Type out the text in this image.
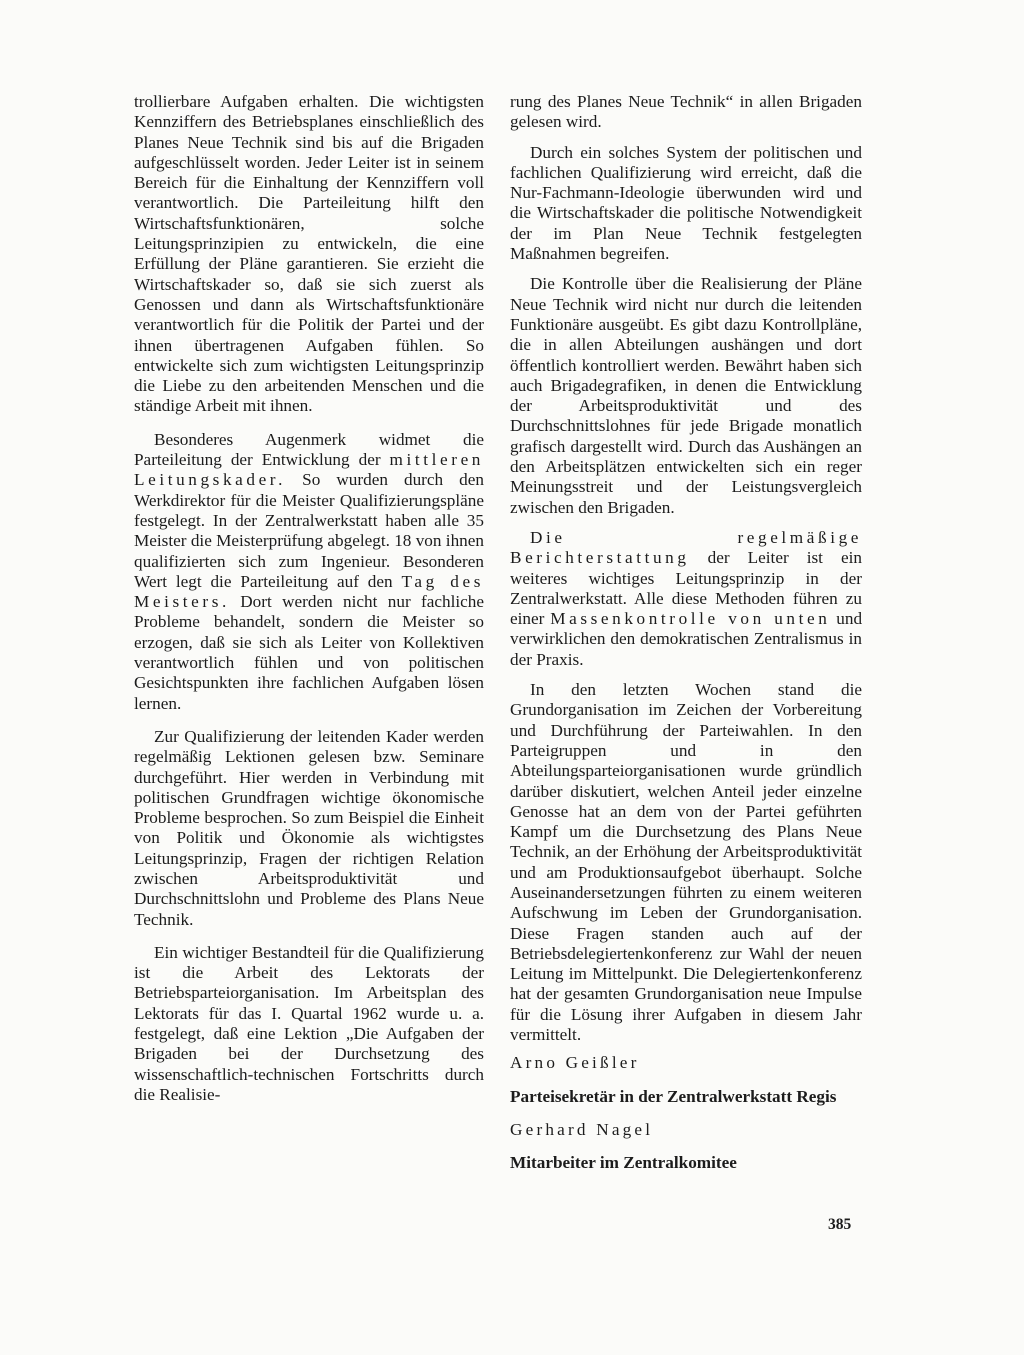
trollierbare Aufgaben erhalten. Die wichtigsten Kennziffern des Betriebsplanes einschließlich des Planes Neue Technik sind bis auf die Brigaden aufgeschlüsselt worden. Jeder Leiter ist in seinem Bereich für die Einhaltung der Kennziffern voll verantwortlich. Die Parteileitung hilft den Wirtschaftsfunktionären, solche Leitungsprinzipien zu entwickeln, die eine Erfüllung der Pläne garantieren. Sie erzieht die Wirtschaftskader so, daß sie sich zuerst als Genossen und dann als Wirtschaftsfunktionäre verantwortlich für die Politik der Partei und der ihnen übertragenen Aufgaben fühlen. So entwickelte sich zum wichtigsten Leitungsprinzip die Liebe zu den arbeitenden Menschen und die ständige Arbeit mit ihnen.

Besonderes Augenmerk widmet die Parteileitung der Entwicklung der mittleren Leitungskader. So wurden durch den Werkdirektor für die Meister Qualifizierungspläne festgelegt. In der Zentralwerkstatt haben alle 35 Meister die Meisterprüfung abgelegt. 18 von ihnen qualifizierten sich zum Ingenieur. Besonderen Wert legt die Parteileitung auf den Tag des Meisters. Dort werden nicht nur fachliche Probleme behandelt, sondern die Meister so erzogen, daß sie sich als Leiter von Kollektiven verantwortlich fühlen und von politischen Gesichtspunkten ihre fachlichen Aufgaben lösen lernen.

Zur Qualifizierung der leitenden Kader werden regelmäßig Lektionen gelesen bzw. Seminare durchgeführt. Hier werden in Verbindung mit politischen Grundfragen wichtige ökonomische Probleme besprochen. So zum Beispiel die Einheit von Politik und Ökonomie als wichtigstes Leitungsprinzip, Fragen der richtigen Relation zwischen Arbeitsproduktivität und Durchschnittslohn und Probleme des Plans Neue Technik.

Ein wichtiger Bestandteil für die Qualifizierung ist die Arbeit des Lektorats der Betriebsparteiorganisation. Im Arbeitsplan des Lektorats für das I. Quartal 1962 wurde u. a. festgelegt, daß eine Lektion „Die Aufgaben der Brigaden bei der Durchsetzung des wissenschaftlich-technischen Fortschritts durch die Realisie-

rung des Planes Neue Technik“ in allen Brigaden gelesen wird.

Durch ein solches System der politischen und fachlichen Qualifizierung wird erreicht, daß die Nur-Fachmann-Ideologie überwunden wird und die Wirtschaftskader die politische Notwendigkeit der im Plan Neue Technik festgelegten Maßnahmen begreifen.

Die Kontrolle über die Realisierung der Pläne Neue Technik wird nicht nur durch die leitenden Funktionäre ausgeübt. Es gibt dazu Kontrollpläne, die in allen Abteilungen aushängen und dort öffentlich kontrolliert werden. Bewährt haben sich auch Brigadegrafiken, in denen die Entwicklung der Arbeitsproduktivität und des Durchschnittslohnes für jede Brigade monatlich grafisch dargestellt wird. Durch das Aushängen an den Arbeitsplätzen entwickelten sich ein reger Meinungsstreit und der Leistungsvergleich zwischen den Brigaden.

Die regelmäßige Berichterstattung der Leiter ist ein weiteres wichtiges Leitungsprinzip in der Zentralwerkstatt. Alle diese Methoden führen zu einer Massenkontrolle von unten und verwirklichen den demokratischen Zentralismus in der Praxis.

In den letzten Wochen stand die Grundorganisation im Zeichen der Vorbereitung und Durchführung der Parteiwahlen. In den Parteigruppen und in den Abteilungsparteiorganisationen wurde gründlich darüber diskutiert, welchen Anteil jeder einzelne Genosse hat an dem von der Partei geführten Kampf um die Durchsetzung des Plans Neue Technik, an der Erhöhung der Arbeitsproduktivität und am Produktionsaufgebot überhaupt. Solche Auseinandersetzungen führten zu einem weiteren Aufschwung im Leben der Grundorganisation. Diese Fragen standen auch auf der Betriebsdelegiertenkonferenz zur Wahl der neuen Leitung im Mittelpunkt. Die Delegiertenkonferenz hat der gesamten Grundorganisation neue Impulse für die Lösung ihrer Aufgaben in diesem Jahr vermittelt.

Arno Geißler

Parteisekretär in der Zentralwerkstatt Regis

Gerhard Nagel

Mitarbeiter im Zentralkomitee

385
